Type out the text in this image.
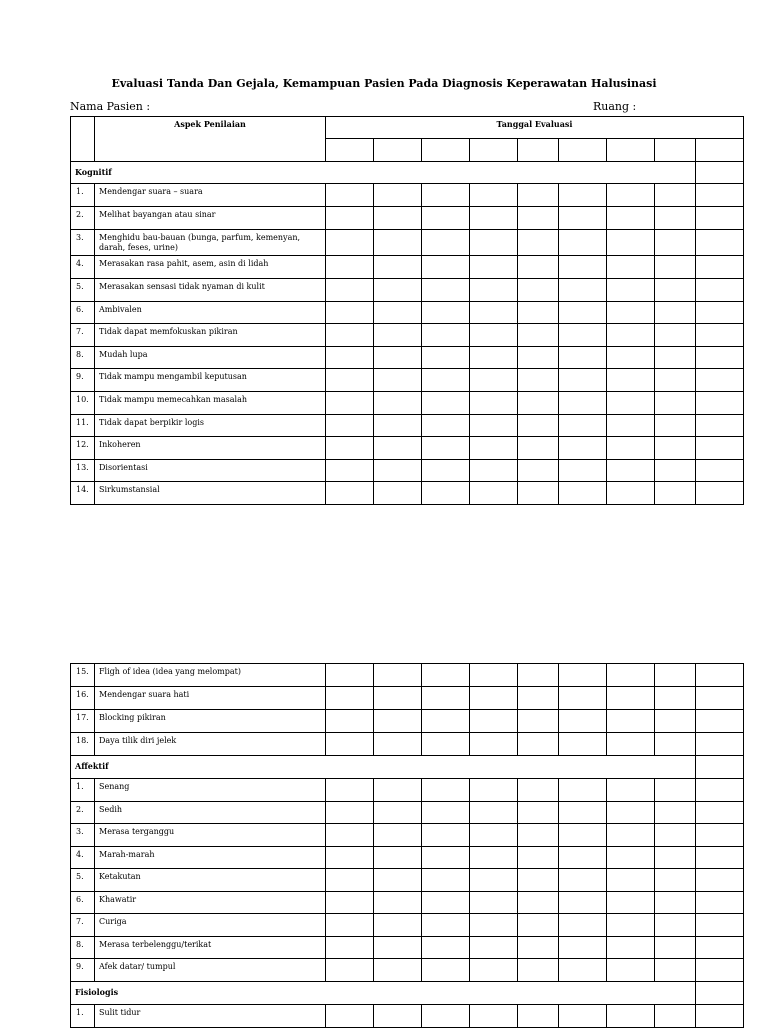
Evaluasi Tanda Dan Gejala, Kemampuan Pasien Pada Diagnosis Keperawatan Halusinasi
Nama Pasien :	Ruang :
	Aspek Penilaian	Tanggal Evaluasi								

Kognitif										
1.	Mendengar suara – suara									
2.	Melihat bayangan atau sinar									
3.	Menghidu bau-bauan (bunga, parfum, kemenyan, darah, feses, urine)									
4.	Merasakan rasa pahit, asem, asin di lidah									
5.	Merasakan sensasi tidak nyaman di kulit									
6.	Ambivalen									
7.	Tidak dapat memfokuskan pikiran									
8.	Mudah lupa									
9.	Tidak mampu mengambil keputusan									
10.	Tidak mampu memecahkan masalah									
11.	Tidak dapat berpikir logis									
12.	Inkoheren									
13.	Disorientasi									
14.	Sirkumstansial									
15.	Fligh of idea (idea yang melompat)									
16.	Mendengar suara hati									
17.	Blocking pikiran									
18.	Daya tilik diri jelek									
Affektif										
1.	Senang									
2.	Sedih									
3.	Merasa terganggu									
4.	Marah-marah									
5.	Ketakutan									
6.	Khawatir									
7.	Curiga									
8.	Merasa terbelenggu/terikat									
9.	Afek datar/ tumpul									
Fisiologis										
1.	Sulit tidur									
